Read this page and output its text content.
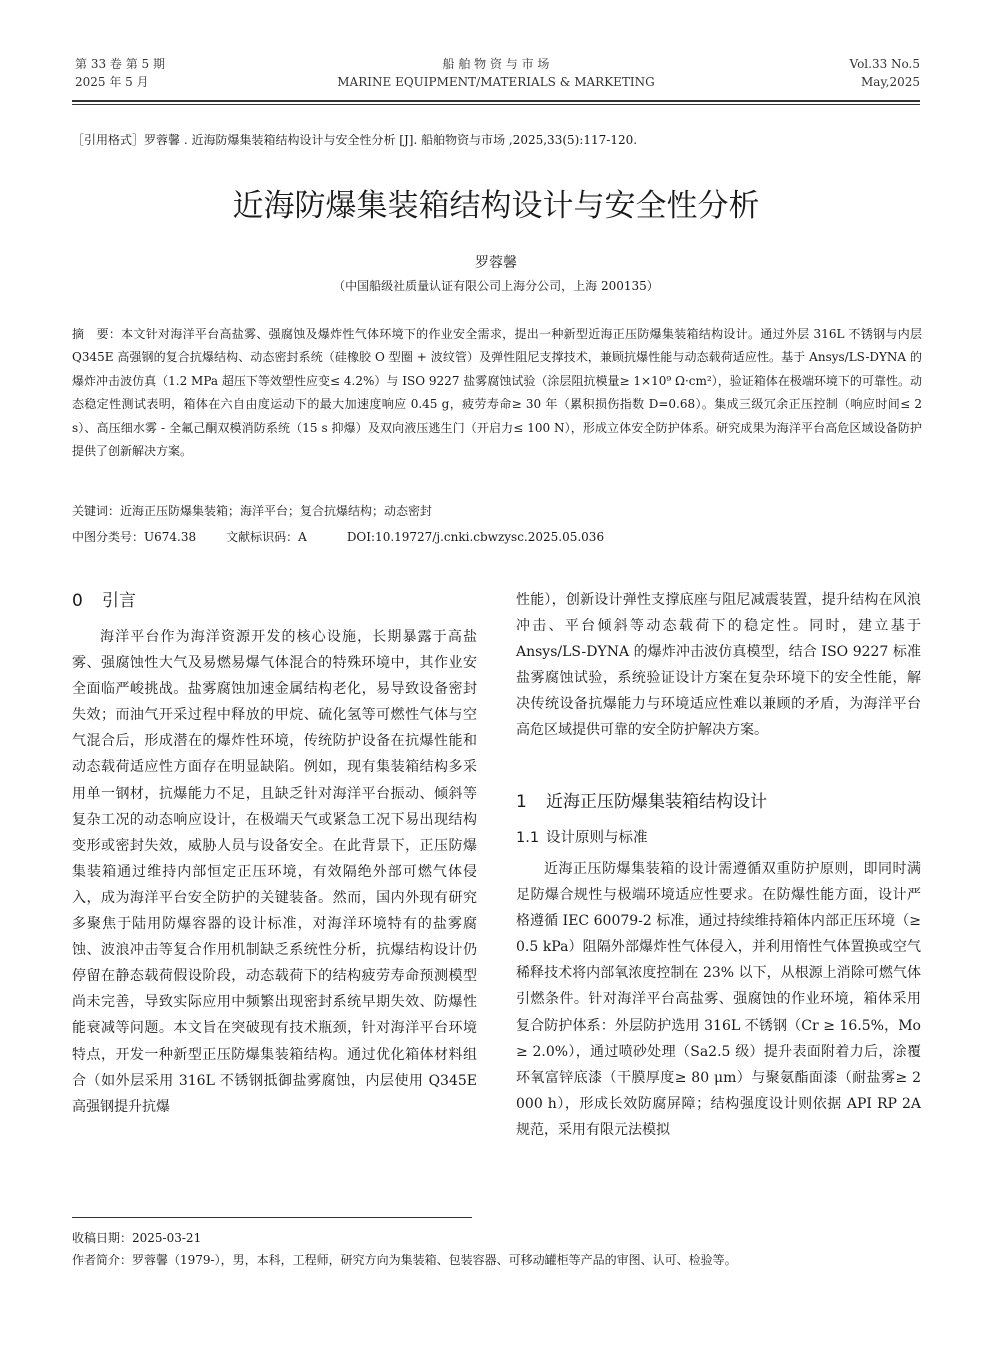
第 33 卷 第 5 期
2025 年 5 月
船 舶 物 资 与 市 场
MARINE EQUIPMENT/MATERIALS & MARKETING
Vol.33 No.5
May,2025
［引用格式］罗蓉馨 . 近海防爆集装箱结构设计与安全性分析 [J]. 船舶物资与市场 ,2025,33(5):117-120.
近海防爆集装箱结构设计与安全性分析
罗蓉馨
（中国船级社质量认证有限公司上海分公司，上海 200135）
摘　要：本文针对海洋平台高盐雾、强腐蚀及爆炸性气体环境下的作业安全需求，提出一种新型近海正压防爆集装箱结构设计。通过外层 316L 不锈钢与内层 Q345E 高强钢的复合抗爆结构、动态密封系统（硅橡胶 O 型圈 + 波纹管）及弹性阻尼支撑技术，兼顾抗爆性能与动态载荷适应性。基于 Ansys/LS-DYNA 的爆炸冲击波仿真（1.2 MPa 超压下等效塑性应变≤ 4.2%）与 ISO 9227 盐雾腐蚀试验（涂层阻抗模量≥ 1×10⁹ Ω·cm²），验证箱体在极端环境下的可靠性。动态稳定性测试表明，箱体在六自由度运动下的最大加速度响应 0.45 g，疲劳寿命≥ 30 年（累积损伤指数 D=0.68）。集成三级冗余正压控制（响应时间≤ 2 s）、高压细水雾 - 全氟己酮双模消防系统（15 s 抑爆）及双向液压逃生门（开启力≤ 100 N），形成立体安全防护体系。研究成果为海洋平台高危区域设备防护提供了创新解决方案。
关键词：近海正压防爆集装箱；海洋平台；复合抗爆结构；动态密封
中图分类号：U674.38	文献标识码：A	DOI:10.19727/j.cnki.cbwzysc.2025.05.036
0 引言

海洋平台作为海洋资源开发的核心设施，长期暴露于高盐雾、强腐蚀性大气及易燃易爆气体混合的特殊环境中，其作业安全面临严峻挑战。盐雾腐蚀加速金属结构老化，易导致设备密封失效；而油气开采过程中释放的甲烷、硫化氢等可燃性气体与空气混合后，形成潜在的爆炸性环境，传统防护设备在抗爆性能和动态载荷适应性方面存在明显缺陷。例如，现有集装箱结构多采用单一钢材，抗爆能力不足，且缺乏针对海洋平台振动、倾斜等复杂工况的动态响应设计，在极端天气或紧急工况下易出现结构变形或密封失效，威胁人员与设备安全。在此背景下，正压防爆集装箱通过维持内部恒定正压环境，有效隔绝外部可燃气体侵入，成为海洋平台安全防护的关键装备。然而，国内外现有研究多聚焦于陆用防爆容器的设计标准，对海洋环境特有的盐雾腐蚀、波浪冲击等复合作用机制缺乏系统性分析，抗爆结构设计仍停留在静态载荷假设阶段，动态载荷下的结构疲劳寿命预测模型尚未完善，导致实际应用中频繁出现密封系统早期失效、防爆性能衰减等问题。本文旨在突破现有技术瓶颈，针对海洋平台环境特点，开发一种新型正压防爆集装箱结构。通过优化箱体材料组合（如外层采用 316L 不锈钢抵御盐雾腐蚀，内层使用 Q345E 高强钢提升抗爆

性能），创新设计弹性支撑底座与阻尼减震装置，提升结构在风浪冲击、平台倾斜等动态载荷下的稳定性。同时，建立基于 Ansys/LS-DYNA 的爆炸冲击波仿真模型，结合 ISO 9227 标准盐雾腐蚀试验，系统验证设计方案在复杂环境下的安全性能，解决传统设备抗爆能力与环境适应性难以兼顾的矛盾，为海洋平台高危区域提供可靠的安全防护解决方案。

1 近海正压防爆集装箱结构设计
1.1 设计原则与标准

近海正压防爆集装箱的设计需遵循双重防护原则，即同时满足防爆合规性与极端环境适应性要求。在防爆性能方面，设计严格遵循 IEC 60079-2 标准，通过持续维持箱体内部正压环境（≥ 0.5 kPa）阻隔外部爆炸性气体侵入，并利用惰性气体置换或空气稀释技术将内部氧浓度控制在 23% 以下，从根源上消除可燃气体引燃条件。针对海洋平台高盐雾、强腐蚀的作业环境，箱体采用复合防护体系：外层防护选用 316L 不锈钢（Cr ≥ 16.5%，Mo ≥ 2.0%），通过喷砂处理（Sa2.5 级）提升表面附着力后，涂覆环氧富锌底漆（干膜厚度≥ 80 μm）与聚氨酯面漆（耐盐雾≥ 2 000 h），形成长效防腐屏障；结构强度设计则依据 API RP 2A 规范，采用有限元法模拟

收稿日期：2025-03-21
作者简介：罗蓉馨（1979-），男，本科，工程师，研究方向为集装箱、包装容器、可移动罐柜等产品的审图、认可、检验等。
